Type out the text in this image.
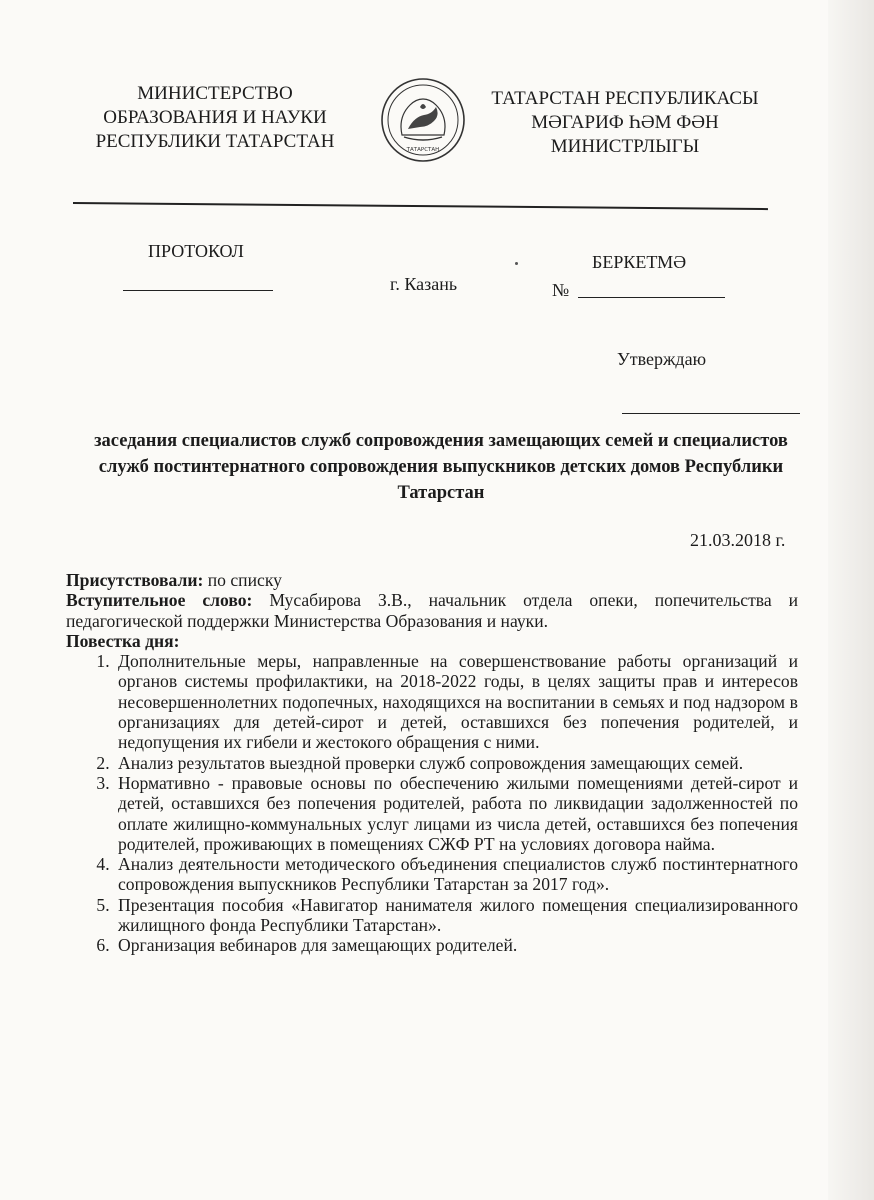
МИНИСТЕРСТВО
ОБРАЗОВАНИЯ И НАУКИ
РЕСПУБЛИКИ ТАТАРСТАН	ТАТАРСТАН
ТАТАРСТАН РЕСПУБЛИКАСЫ
МӘГАРИФ ҺӘМ ФӘН
МИНИСТРЛЫГЫ
ПРОТОКОЛ
г. Казань
БЕРКЕТМӘ
№
Утверждаю
заседания специалистов служб сопровождения замещающих семей и специалистов служб постинтернатного сопровождения выпускников детских домов Республики Татарстан
21.03.2018 г.

Присутствовали: по списку

Вступительное слово: Мусабирова З.В., начальник отдела опеки, попечительства и педагогической поддержки Министерства Образования и науки.

Повестка дня:

1. Дополнительные меры, направленные на совершенствование работы организаций и органов системы профилактики, на 2018-2022 годы, в целях защиты прав и интересов несовершеннолетних подопечных, находящихся на воспитании в семьях и под надзором в организациях для детей-сирот и детей, оставшихся без попечения родителей, и недопущения их гибели и жестокого обращения с ними.
2. Анализ результатов выездной проверки служб сопровождения замещающих семей.
3. Нормативно - правовые основы по обеспечению жилыми помещениями детей-сирот и детей, оставшихся без попечения родителей, работа по ликвидации задолженностей по оплате жилищно-коммунальных услуг лицами из числа детей, оставшихся без попечения родителей, проживающих в помещениях СЖФ РТ на условиях договора найма.
4. Анализ деятельности методического объединения специалистов служб постинтернатного сопровождения выпускников Республики Татарстан за 2017 год».
5. Презентация пособия «Навигатор нанимателя жилого помещения специализированного жилищного фонда Республики Татарстан».
6. Организация вебинаров для замещающих родителей.
